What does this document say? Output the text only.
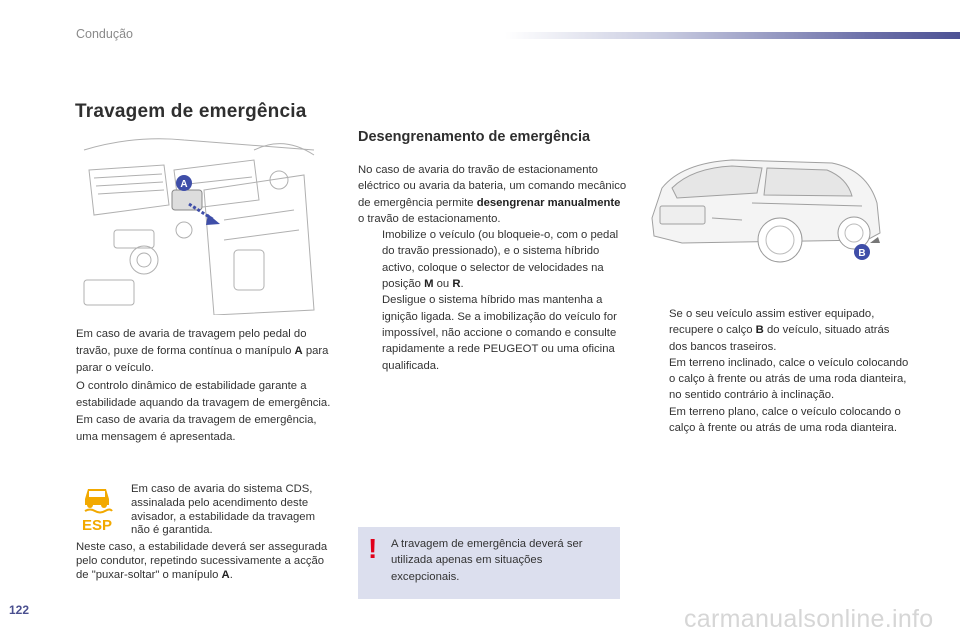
Condução
Travagem de emergência
A
Em caso de avaria de travagem pelo pedal do travão, puxe de forma contínua o manípulo A para parar o veículo.
O controlo dinâmico de estabilidade garante a estabilidade aquando da travagem de emergência.
Em caso de avaria da travagem de emergência, uma mensagem é apresentada.
ESP
Em caso de avaria do sistema CDS, assinalada pelo acendimento deste avisador, a estabilidade da travagem não é garantida.
Neste caso, a estabilidade deverá ser assegurada pelo condutor, repetindo sucessivamente a acção de "puxar-soltar" o manípulo A.
Desengrenamento de emergência
No caso de avaria do travão de estacionamento eléctrico ou avaria da bateria, um comando mecânico de emergência permite desengrenar manualmente o travão de estacionamento.
Imobilize o veículo (ou bloqueie-o, com o pedal do travão pressionado), e o sistema híbrido activo, coloque o selector de velocidades na posição M ou R.
Desligue o sistema híbrido mas mantenha a ignição ligada. Se a imobilização do veículo for impossível, não accione o comando e consulte rapidamente a rede PEUGEOT ou uma oficina qualificada.
! A travagem de emergência deverá ser utilizada apenas em situações excepcionais.
B
Se o seu veículo assim estiver equipado, recupere o calço B do veículo, situado atrás dos bancos traseiros.
Em terreno inclinado, calce o veículo colocando o calço à frente ou atrás de uma roda dianteira, no sentido contrário à inclinação.
Em terreno plano, calce o veículo colocando o calço à frente ou atrás de uma roda dianteira.
122	carmanualsonline.info
